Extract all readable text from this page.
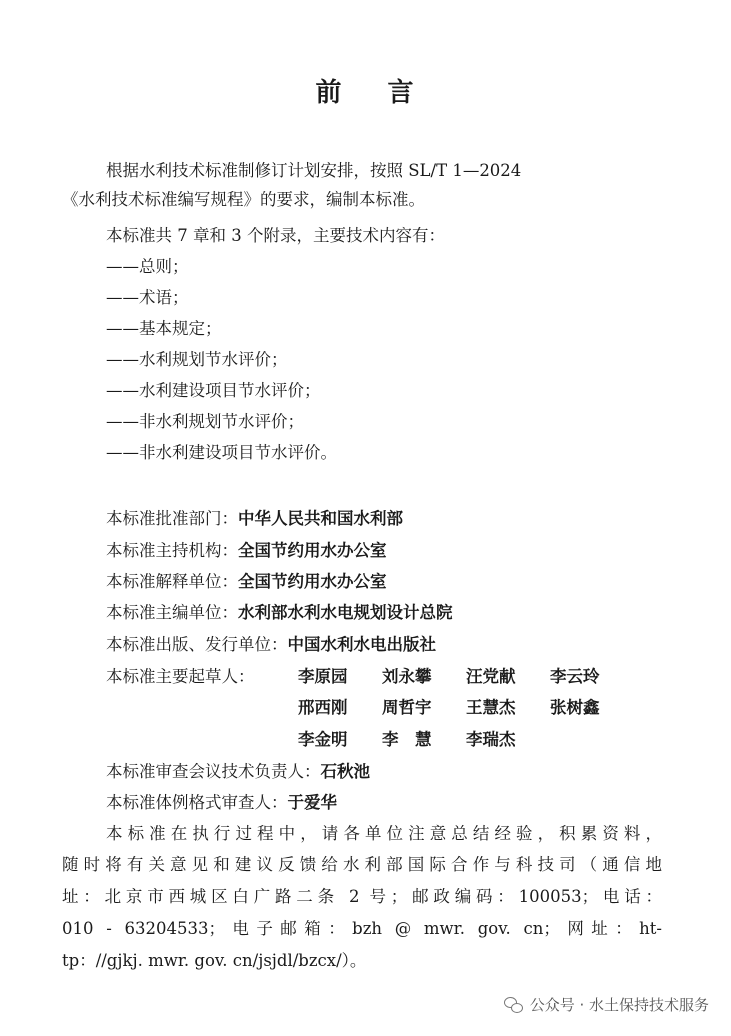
前 言
根据水利技术标准制修订计划安排，按照 SL/T 1—2024
《水利技术标准编写规程》的要求，编制本标准。
本标准共 7 章和 3 个附录，主要技术内容有：
——总则；
——术语；
——基本规定；
——水利规划节水评价；
——水利建设项目节水评价；
——非水利规划节水评价；
——非水利建设项目节水评价。
本标准批准部门：中华人民共和国水利部
本标准主持机构：全国节约用水办公室
本标准解释单位：全国节约用水办公室
本标准主编单位：水利部水利水电规划设计总院
本标准出版、发行单位：中国水利水电出版社
本标准主要起草人：	李原园 刘永攀 汪党献 李云玲
邢西刚 周哲宇 王慧杰 张树鑫
李金明 李　慧 李瑞杰
本标准审查会议技术负责人：石秋池
本标准体例格式审查人：于爱华
本标准在执行过程中，请各单位注意总结经验，积累资料，
随时将有关意见和建议反馈给水利部国际合作与科技司（通信地
址：北京市西城区白广路二条 2 号；邮政编码：100053；电话：
010 - 63204533；电子邮箱：bzh @ mwr. gov. cn；网址：ht-
tp：//gjkj. mwr. gov. cn/jsjdl/bzcx/）。
公众号 · 水土保持技术服务
